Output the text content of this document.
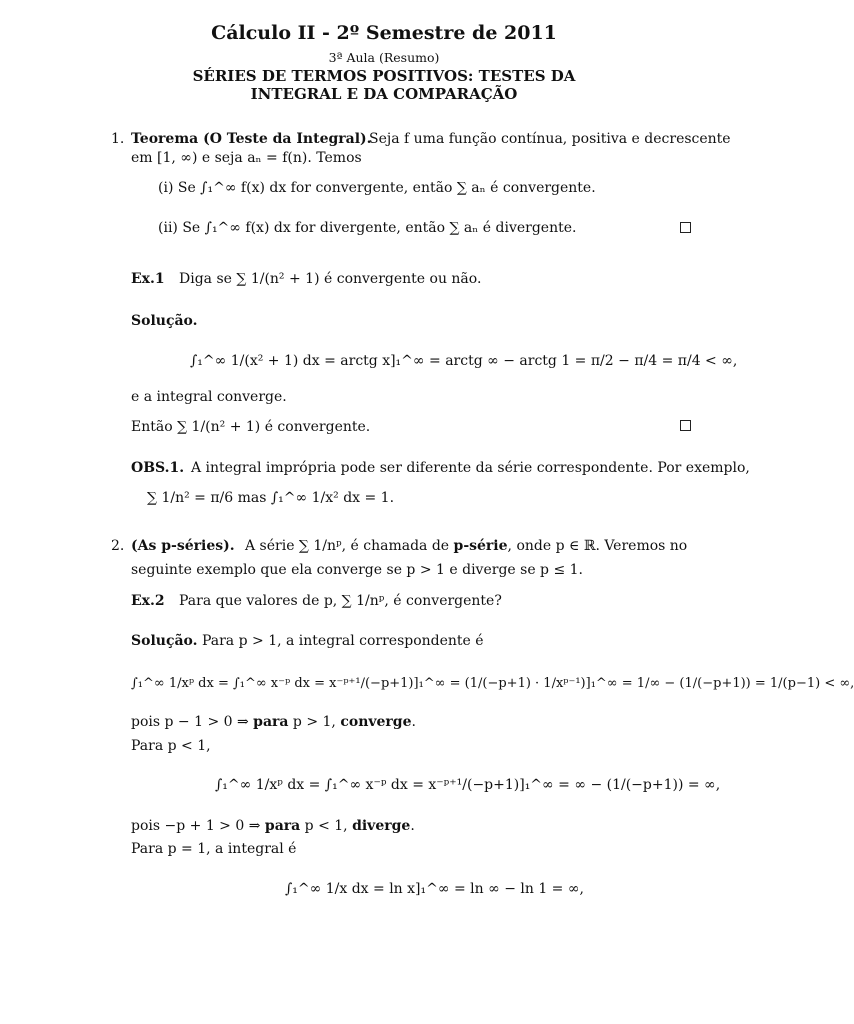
Cálculo II - 2º Semestre de 2011
3ª Aula (Resumo)
SÉRIES DE TERMOS POSITIVOS: TESTES DA
INTEGRAL E DA COMPARAÇÃO
1. Teorema (O Teste da Integral).
Seja f uma função contínua, positiva e decrescente
em [1, ∞) e seja aₙ = f(n). Temos
(i) Se ∫₁^∞ f(x) dx for convergente, então ∑ aₙ é convergente.
(ii) Se ∫₁^∞ f(x) dx for divergente, então ∑ aₙ é divergente.
Ex.1 Diga se ∑ 1/(n² + 1) é convergente ou não.
Solução.
∫₁^∞ 1/(x² + 1) dx = arctg x]₁^∞ = arctg ∞ − arctg 1 = π/2 − π/4 = π/4 < ∞,
e a integral converge.
Então ∑ 1/(n² + 1) é convergente.
OBS.1. A integral imprópria pode ser diferente da série correspondente. Por exemplo,
∑ 1/n² = π/6 mas ∫₁^∞ 1/x² dx = 1.
2. (As p-séries). A série ∑ 1/nᵖ, é chamada de p-série, onde p ∈ ℝ. Veremos no
seguinte exemplo que ela converge se p > 1 e diverge se p ≤ 1.
Ex.2 Para que valores de p, ∑ 1/nᵖ, é convergente?
Solução. Para p > 1, a integral correspondente é
∫₁^∞ 1/xᵖ dx = ∫₁^∞ x⁻ᵖ dx = x⁻ᵖ⁺¹/(−p+1)]₁^∞ = (1/(−p+1) · 1/xᵖ⁻¹)]₁^∞ = 1/∞ − (1/(−p+1)) = 1/(p−1) < ∞,
pois p − 1 > 0 ⇒ para p > 1, converge.
Para p < 1,
∫₁^∞ 1/xᵖ dx = ∫₁^∞ x⁻ᵖ dx = x⁻ᵖ⁺¹/(−p+1)]₁^∞ = ∞ − (1/(−p+1)) = ∞,
pois −p + 1 > 0 ⇒ para p < 1, diverge.
Para p = 1, a integral é
∫₁^∞ 1/x dx = ln x]₁^∞ = ln ∞ − ln 1 = ∞,
